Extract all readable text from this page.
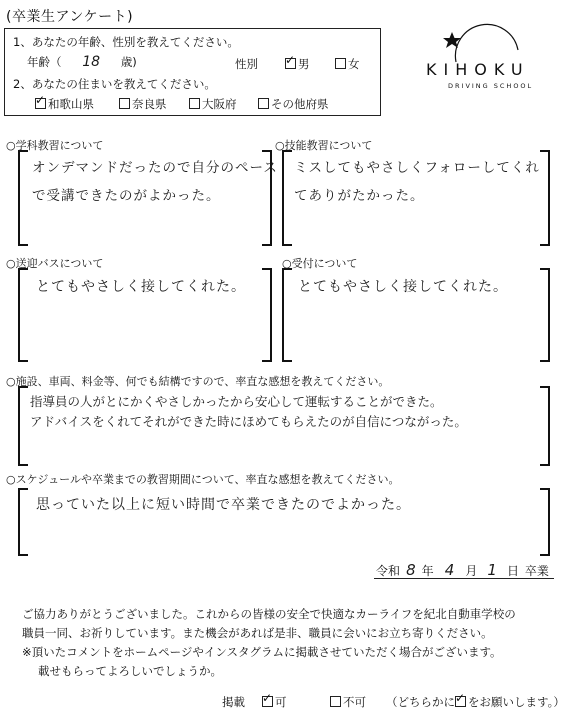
(卒業生アンケート)
1、あなたの年齢、性別を教えてください。
年齢（ 18 歳)	性別 ✓	男	女
2、あなたの住まいを教えてください。
✓和歌山県	奈良県	大阪府	その他府県
KIHOKU
DRIVING SCHOOL
○学科教習について
オンデマンドだったので自分のペース
で受講できたのがよかった。
○技能教習について
ミスしてもやさしくフォローしてくれ
てありがたかった。
○送迎バスについて
とてもやさしく接してくれた。
○受付について
とてもやさしく接してくれた。
○施設、車両、料金等、何でも結構ですので、率直な感想を教えてください。
指導員の人がとにかくやさしかったから安心して運転することができた。
アドバイスをくれてそれができた時にほめてもらえたのが自信につながった。
○スケジュールや卒業までの教習期間について、率直な感想を教えてください。
思っていた以上に短い時間で卒業できたのでよかった。
令和 8 年 4 月 1 日 卒業
ご協力ありがとうございました。これからの皆様の安全で快適なカーライフを紀北自動車学校の
職員一同、お祈りしています。また機会があれば是非、職員に会いにお立ち寄りください。
※頂いたコメントをホームページやインスタグラムに掲載させていただく場合がございます。
載せもらってよろしいでしょうか。
掲載 ✓	可	不可 （どちらかに ✓ をお願いします。）
